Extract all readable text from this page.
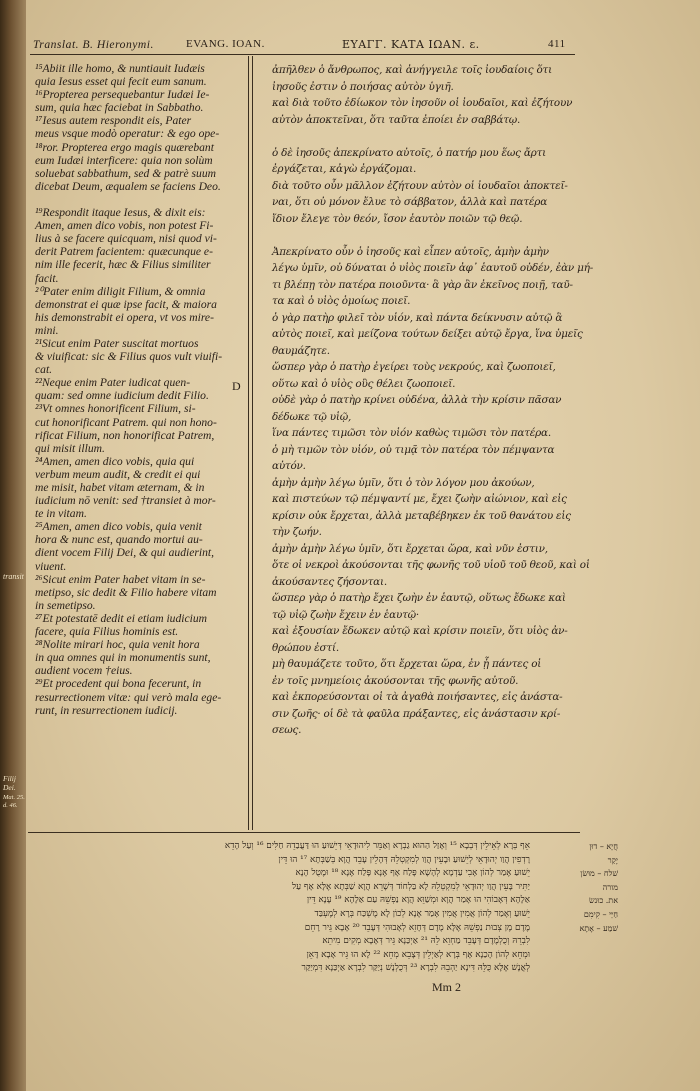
Translat. B. Hieronymi.	EVANG. IOAN.	ΕΥΑΓΓ. ΚΑΤΑ ΙΩΑΝ. ε.	411

¹⁵Abiit ille homo, & nuntiauit Iudæis

quia Iesus esset qui fecit eum sanum.

¹⁶Propterea persequebantur Iudæi Ie-

sum, quia hæc faciebat in Sabbatho.

¹⁷Iesus autem respondit eis, Pater

meus vsque modò operatur: & ego ope-

¹⁸ror. Propterea ergo magis quærebant

eum Iudæi interficere: quia non solùm

soluebat sabbathum, sed & patrè suum

dicebat Deum, æqualem se faciens Deo.

¹⁹Respondit itaque Iesus, & dixit eis:

Amen, amen dico vobis, non potest Fi-

lius à se facere quicquam, nisi quod vi-

derit Patrem facientem: quæcunque e-

nim ille fecerit, hæc & Filius similiter

facit.

²⁰Pater enim diligit Filium, & omnia

demonstrat ei quæ ipse facit, & maiora

his demonstrabit ei opera, vt vos mire-

mini.

²¹Sicut enim Pater suscitat mortuos

& viuificat: sic & Filius quos vult viuifi-

cat.

²²Neque enim Pater iudicat quen-

quam: sed omne iudicium dedit Filio.

²³Vt omnes honorificent Filium, si-

cut honorificant Patrem. qui non hono-

rificat Filium, non honorificat Patrem,

qui misit illum.

²⁴Amen, amen dico vobis, quia qui

verbum meum audit, & credit ei qui

me misit, habet vitam æternam, & in

iudicium nō venit: sed †transiet à mor-

te in vitam.

²⁵Amen, amen dico vobis, quia venit

hora & nunc est, quando mortui au-

dient vocem Filij Dei, & qui audierint,

viuent.

²⁶Sicut enim Pater habet vitam in se-

metipso, sic dedit & Filio habere vitam

in semetipso.

²⁷Et potestatē dedit ei etiam iudicium

facere, quia Filius hominis est.

²⁸Nolite mirari hoc, quia venit hora

in qua omnes qui in monumentis sunt,

audient vocem †eius.

²⁹Et procedent qui bona fecerunt, in

resurrectionem vitæ: qui verò mala ege-

runt, in resurrectionem iudicij.

D
transit
Filij Dei.
Mat. 25. d. 46.

ἀπῆλθεν ὁ ἄνθρωπος, καὶ ἀνήγγειλε τοῖς ἰουδαίοις ὅτι

ἰησοῦς ἐστιν ὁ ποιήσας αὐτὸν ὑγιῆ.

καὶ διὰ τοῦτο ἐδίωκον τὸν ἰησοῦν οἱ ἰουδαῖοι, καὶ ἐζήτουν

αὐτὸν ἀποκτεῖναι, ὅτι ταῦτα ἐποίει ἐν σαββάτῳ.

ὁ δὲ ἰησοῦς ἀπεκρίνατο αὐτοῖς, ὁ πατήρ μου ἕως ἄρτι

ἐργάζεται, κἀγὼ ἐργάζομαι.

διὰ τοῦτο οὖν μᾶλλον ἐζήτουν αὐτὸν οἱ ἰουδαῖοι ἀποκτεῖ-

ναι, ὅτι οὐ μόνον ἔλυε τὸ σάββατον, ἀλλὰ καὶ πατέρα

ἴδιον ἔλεγε τὸν θεόν, ἴσον ἑαυτὸν ποιῶν τῷ θεῷ.

Ἀπεκρίνατο οὖν ὁ ἰησοῦς καὶ εἶπεν αὐτοῖς, ἀμὴν ἀμὴν

λέγω ὑμῖν, οὐ δύναται ὁ υἱὸς ποιεῖν ἀφ᾽ ἑαυτοῦ οὐδέν, ἐὰν μή-

τι βλέπῃ τὸν πατέρα ποιοῦντα· ἃ γὰρ ἂν ἐκεῖνος ποιῇ, ταῦ-

τα καὶ ὁ υἱὸς ὁμοίως ποιεῖ.

ὁ γὰρ πατὴρ φιλεῖ τὸν υἱόν, καὶ πάντα δείκνυσιν αὐτῷ ἃ

αὐτὸς ποιεῖ, καὶ μείζονα τούτων δείξει αὐτῷ ἔργα, ἵνα ὑμεῖς

θαυμάζητε.

ὥσπερ γὰρ ὁ πατὴρ ἐγείρει τοὺς νεκρούς, καὶ ζωοποιεῖ,

οὕτω καὶ ὁ υἱὸς οὓς θέλει ζωοποιεῖ.

οὐδὲ γὰρ ὁ πατὴρ κρίνει οὐδένα, ἀλλὰ τὴν κρίσιν πᾶσαν

δέδωκε τῷ υἱῷ,

ἵνα πάντες τιμῶσι τὸν υἱόν καθὼς τιμῶσι τὸν πατέρα.

ὁ μὴ τιμῶν τὸν υἱόν, οὐ τιμᾷ τὸν πατέρα τὸν πέμψαντα

αὐτόν.

ἀμὴν ἀμὴν λέγω ὑμῖν, ὅτι ὁ τὸν λόγον μου ἀκούων,

καὶ πιστεύων τῷ πέμψαντί με, ἔχει ζωὴν αἰώνιον, καὶ εἰς

κρίσιν οὐκ ἔρχεται, ἀλλὰ μεταβέβηκεν ἐκ τοῦ θανάτου εἰς

τὴν ζωήν.

ἀμὴν ἀμὴν λέγω ὑμῖν, ὅτι ἔρχεται ὥρα, καὶ νῦν ἐστιν,

ὅτε οἱ νεκροὶ ἀκούσονται τῆς φωνῆς τοῦ υἱοῦ τοῦ θεοῦ, καὶ οἱ

ἀκούσαντες ζήσονται.

ὥσπερ γὰρ ὁ πατὴρ ἔχει ζωὴν ἐν ἑαυτῷ, οὕτως ἔδωκε καὶ

τῷ υἱῷ ζωὴν ἔχειν ἐν ἑαυτῷ·

καὶ ἐξουσίαν ἔδωκεν αὐτῷ καὶ κρίσιν ποιεῖν, ὅτι υἱὸς ἀν-

θρώπου ἐστί.

μὴ θαυμάζετε τοῦτο, ὅτι ἔρχεται ὥρα, ἐν ᾗ πάντες οἱ

ἐν τοῖς μνημείοις ἀκούσονται τῆς φωνῆς αὐτοῦ.

καὶ ἐκπορεύσονται οἱ τὰ ἀγαθὰ ποιήσαντες, εἰς ἀνάστα-

σιν ζωῆς· οἱ δὲ τὰ φαῦλα πράξαντες, εἰς ἀνάστασιν κρί-

σεως.

אֵף בְּרָא לְאֵילֵין דְּבְבָא ¹⁵ וְאָזַל הַהוּא גַבְרָא וְאַמֵּר לִיהוּדָאֵי דְּיֵשׁוּעַ הוּ דַּעֲבַדֵהּ חַלִּים ¹⁶ וְעַל הָדֵא

רָדְפִין הֲוַו יְהוּדָאֵי לְיֵשׁוּעַ וּבָעֵין הֲוַו לְמִקְטְלֵהּ דְּהָלֵין עָבֵד הֲוָא בְּשַׁבְּתָא ¹⁷ הוּ דֵּין

יֵשׁוּעַ אֶמַר לְהוֹן אָבִי עַדְמָא לְהָשָׁא פָּלַח אָף אֶנָא פָּלַח אֶנָא ¹⁸ וּמֶטֻל הָנָא

יַתִּיר בָּעֵין הֲוַו יְהוּדָאֵי לְמִקְטְלֵהּ לָא בַּלְחוֹד דְּשָׁרֵא הֲוָא שַׁבְּתָא אֶלָּא אָף עַל

אַלָהָא דְּאָבוֹהִי הוּ אָמַר הֲוָא וּמְשַׁוֵּא הֲוָא נַפְשֵׁהּ עַם אַלָהָא ¹⁹ עָנָא דֵּין

יֵשׁוּעַ וְאֶמַר לְהוֹן אֲמִין אֲמִין אָמַר אֶנָא לְכוֹן לָא מֶשְׁכַּח בְּרָא לְמֶעְבַּד

מֶדֶם מֶן צְבוּת נַפְשֵׁהּ אֶלָּא מֶדֶם דְּחָזֵא לְאָבוּהִי דְּעָבֵד ²⁰ אָבָא גֵּיר רָחֵם

לִבְרֵהּ וְכֻלְמֶדֶם דְּעָבֵד מַחְוֵא לֵהּ ²¹ אַיְכַּנָא גֵּיר דְּאָבָא מְקִים מִיתֵא

וּמְחֵא לְהוֹן הָכַנָא אָף בְּרָא לְאַיְלֵין דְּצָבֵא מְחֵא ²² לָא הוּ גֵּיר אָבָא דָּאֵן

לְאֲנָשׁ אֶלָּא כֻּלֵּהּ דִּינָא יַהְבֵהּ לִבְרָא ²³ דְּכֻלְנָשׁ נְיַקַּר לִבְרָא אַיְכַּנָא דִּמְיַקַּר

חֲיָא – דוּן

יָקַר

שׁלח – מוּשׂן

מורה

את. כוּנשׂ

חַיֵּי – קִימִם

שׁמַע – אָתָא

Mm 2
